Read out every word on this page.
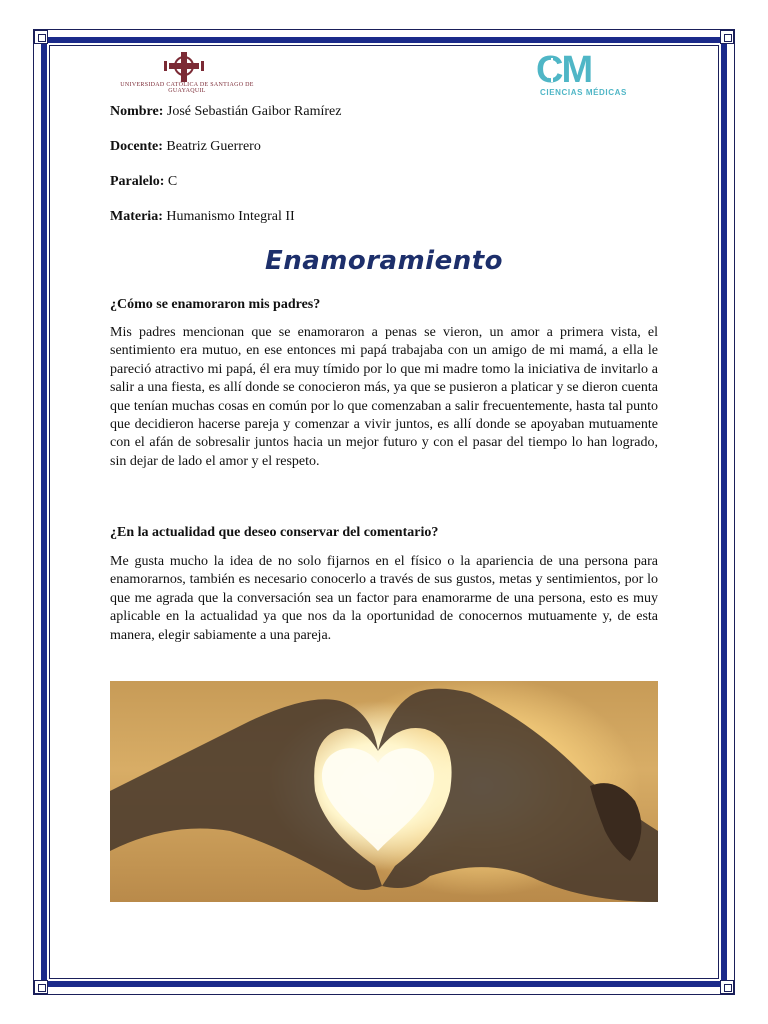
UNIVERSIDAD CATÓLICA DE SANTIAGO DE GUAYAQUIL	CM
CIENCIAS MÉDICAS
Nombre: José Sebastián Gaibor Ramírez
Docente: Beatriz Guerrero
Paralelo: C
Materia: Humanismo Integral II
Enamoramiento
¿Cómo se enamoraron mis padres?

Mis padres mencionan que se enamoraron a penas se vieron, un amor a primera vista, el sentimiento era mutuo, en ese entonces mi papá trabajaba con un amigo de mi mamá, a ella le pareció atractivo mi papá, él era muy tímido por lo que mi madre tomo la iniciativa de invitarlo a salir a una fiesta, es allí donde se conocieron más, ya que se pusieron a platicar y se dieron cuenta que tenían muchas cosas en común por lo que comenzaban a salir frecuentemente, hasta tal punto que decidieron hacerse pareja y comenzar a vivir juntos, es allí donde se apoyaban mutuamente con el afán de sobresalir juntos hacia un mejor futuro y con el pasar del tiempo lo han logrado, sin dejar de lado el amor y el respeto.

¿En la actualidad que deseo conservar del comentario?

Me gusta mucho la idea de no solo fijarnos en el físico o la apariencia de una persona para enamorarnos, también es necesario conocerlo a través de sus gustos, metas y sentimientos, por lo que me agrada que la conversación sea un factor para enamorarme de una persona, esto es muy aplicable en la actualidad ya que nos da la oportunidad de conocernos mutuamente y, de esta manera, elegir sabiamente a una pareja.
